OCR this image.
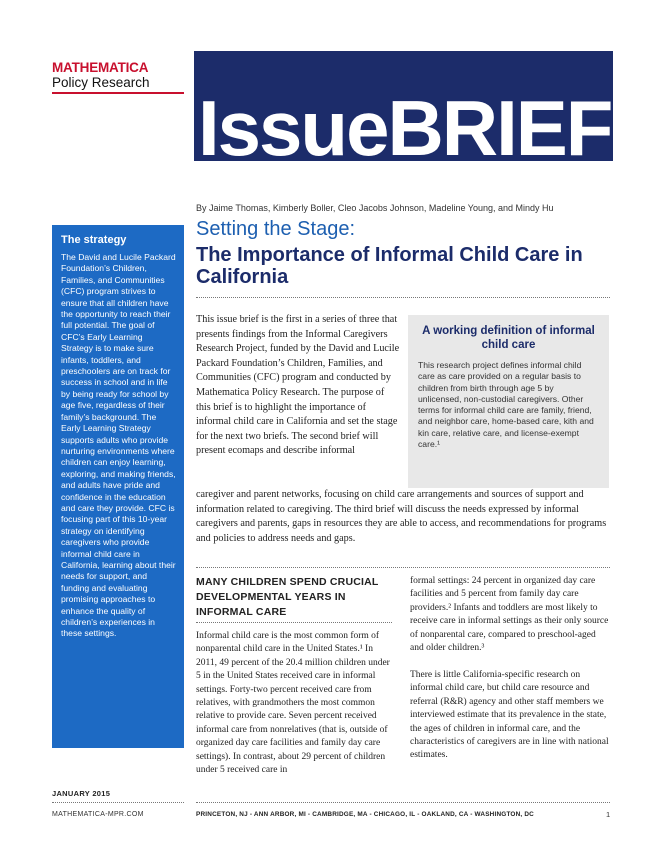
MATHEMATICA
Policy Research
IssueBRIEF
By Jaime Thomas, Kimberly Boller, Cleo Jacobs Johnson, Madeline Young, and Mindy Hu
Setting the Stage:
The Importance of Informal Child Care in California
The strategy

The David and Lucile Packard Foundation’s Children, Families, and Communities (CFC) program strives to ensure that all children have the opportunity to reach their full potential. The goal of CFC’s Early Learning Strategy is to make sure infants, toddlers, and preschoolers are on track for success in school and in life by being ready for school by age five, regardless of their family’s background. The Early Learning Strategy supports adults who provide nurturing environments where children can enjoy learning, exploring, and making friends, and adults have pride and confidence in the education and care they provide. CFC is focusing part of this 10-year strategy on identifying caregivers who provide informal child care in California, learning about their needs for support, and funding and evaluating promising approaches to enhance the quality of children’s experiences in these settings.

A working definition of informal child care

This research project defines informal child care as care provided on a regular basis to children from birth through age 5 by unlicensed, non-custodial caregivers. Other terms for informal child care are family, friend, and neighbor care, home-based care, kith and kin care, relative care, and license-exempt care.¹

This issue brief is the first in a series of three that presents findings from the Informal Caregivers Research Project, funded by the David and Lucile Packard Foundation’s Children, Families, and Communities (CFC) program and conducted by Mathematica Policy Research. The purpose of this brief is to highlight the importance of informal child care in California and set the stage for the next two briefs. The second brief will present ecomaps and describe informal
caregiver and parent networks, focusing on child care arrangements and sources of support and information related to caregiving. The third brief will discuss the needs expressed by informal caregivers and parents, gaps in resources they are able to access, and recommendations for programs and policies to address needs and gaps.
MANY CHILDREN SPEND CRUCIAL DEVELOPMENTAL YEARS IN INFORMAL CARE
Informal child care is the most common form of nonparental child care in the United States.¹ In 2011, 49 percent of the 20.4 million children under 5 in the United States received care in informal settings. Forty-two percent received care from relatives, with grandmothers the most common relative to provide care. Seven percent received informal care from nonrelatives (that is, outside of organized day care facilities and family day care settings). In contrast, about 29 percent of children under 5 received care in
formal settings: 24 percent in organized day care facilities and 5 percent from family day care providers.² Infants and toddlers are most likely to receive care in informal settings as their only source of nonparental care, compared to preschool-aged and older children.³
There is little California-specific research on informal child care, but child care resource and referral (R&R) agency and other staff members we interviewed estimate that its prevalence in the state, the ages of children in informal care, and the characteristics of caregivers are in line with national estimates.
JANUARY 2015
MATHEMATICA-MPR.COM	PRINCETON, NJ - ANN ARBOR, MI - CAMBRIDGE, MA - CHICAGO, IL - OAKLAND, CA - WASHINGTON, DC	1
